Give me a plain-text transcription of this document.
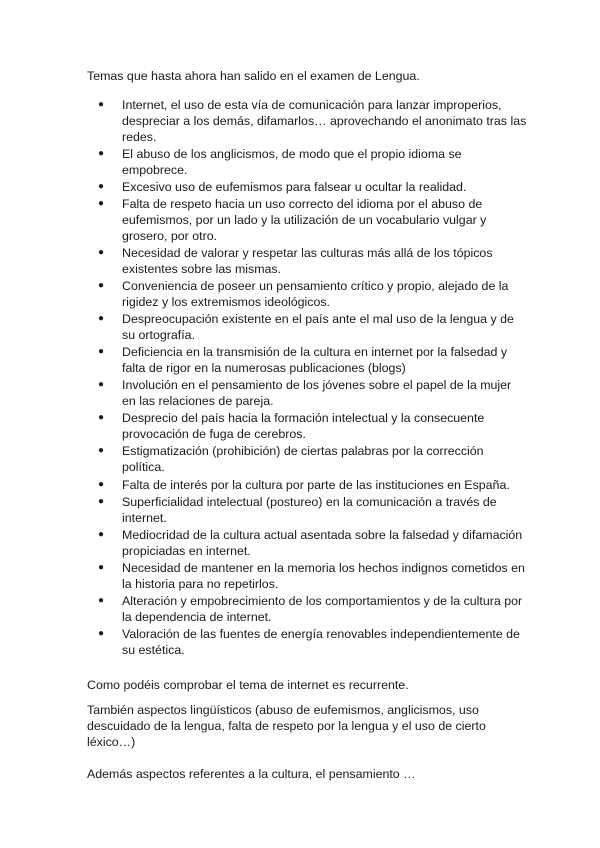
Temas que hasta ahora han salido en el examen de Lengua.

● Internet, el uso de esta vía de comunicación para lanzar improperios, despreciar a los demás, difamarlos… aprovechando el anonimato tras las redes.
● El abuso de los anglicismos, de modo que el propio idioma se empobrece.
● Excesivo uso de eufemismos para falsear u ocultar la realidad.
● Falta de respeto hacia un uso correcto del idioma por el abuso de eufemismos, por un lado y la utilización de un vocabulario vulgar y grosero, por otro.
● Necesidad de valorar y respetar las culturas más allá de los tópicos existentes sobre las mismas.
● Conveniencia de poseer un pensamiento crítico y propio, alejado de la rigidez y los extremismos ideológicos.
● Despreocupación existente en el país ante el mal uso de la lengua y de su ortografía.
● Deficiencia en la transmisión de la cultura en internet por la falsedad y falta de rigor en la numerosas publicaciones (blogs)
● Involución en el pensamiento de los jóvenes sobre el papel de la mujer en las relaciones de pareja.
● Desprecio del país hacia la formación intelectual y la consecuente provocación de fuga de cerebros.
● Estigmatización (prohibición) de ciertas palabras por la corrección política.
● Falta de interés por la cultura por parte de las instituciones en España.
● Superficialidad intelectual (postureo) en la comunicación a través de internet.
● Mediocridad de la cultura actual asentada sobre la falsedad y difamación propiciadas en internet.
● Necesidad de mantener en la memoria los hechos indignos cometidos en la historia para no repetirlos.
● Alteración y empobrecimiento de los comportamientos y de la cultura por la dependencia de internet.
● Valoración de las fuentes de energía renovables independientemente de su estética.

Como podéis comprobar el tema de internet es recurrente.

También aspectos lingüísticos (abuso de eufemismos, anglicismos, uso descuidado de la lengua, falta de respeto por la lengua y el uso de cierto léxico…)

Además aspectos referentes a la cultura, el pensamiento …
